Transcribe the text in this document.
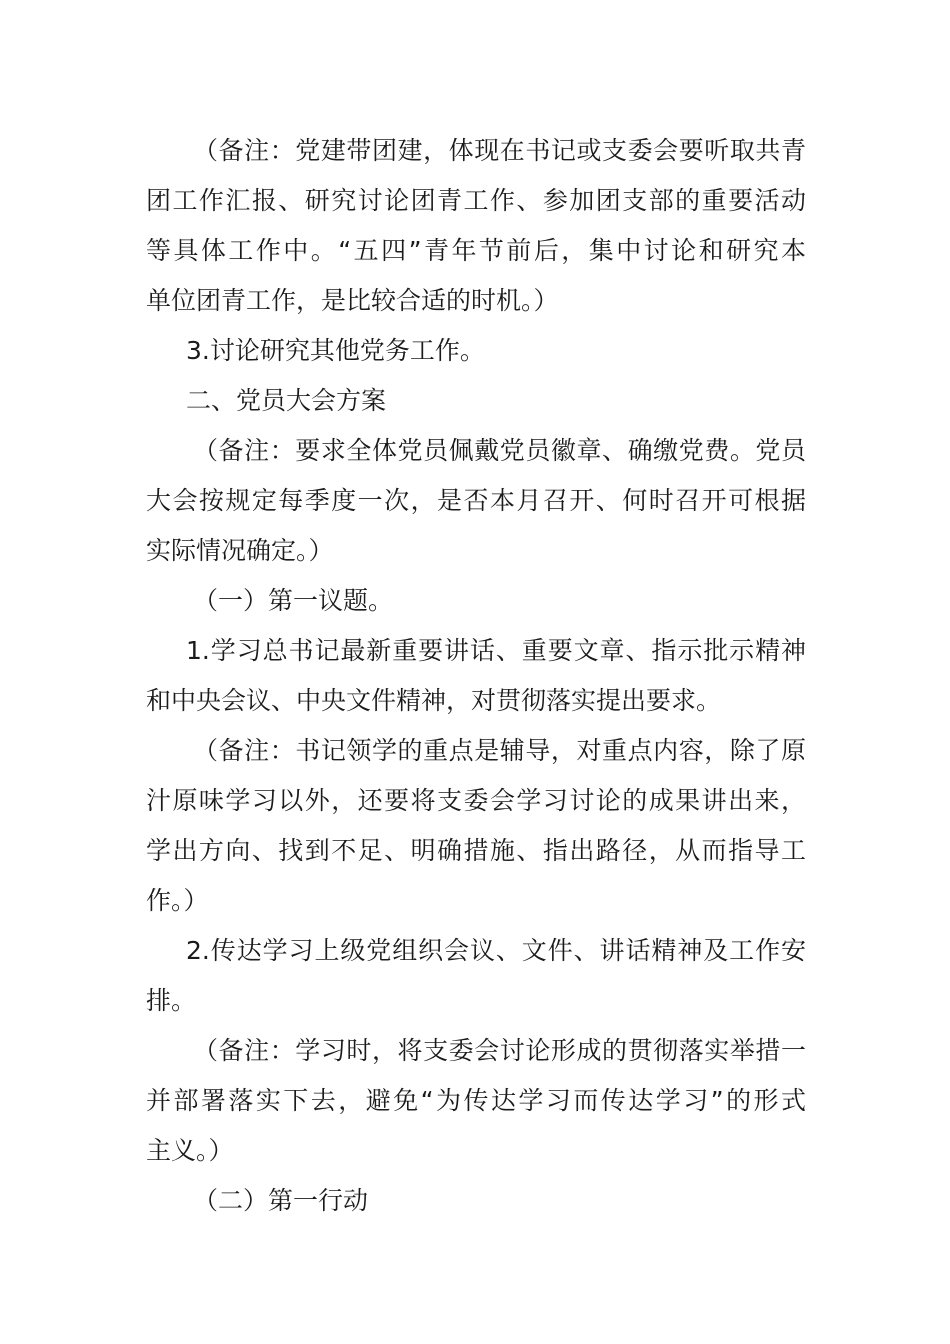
（备注：党建带团建，体现在书记或支委会要听取共青
团工作汇报、研究讨论团青工作、参加团支部的重要活动
等具体工作中。“五四”青年节前后，集中讨论和研究本
单位团青工作，是比较合适的时机。）
3.讨论研究其他党务工作。
二、党员大会方案
（备注：要求全体党员佩戴党员徽章、确缴党费。党员
大会按规定每季度一次，是否本月召开、何时召开可根据
实际情况确定。）
（一）第一议题。
1.学习总书记最新重要讲话、重要文章、指示批示精神
和中央会议、中央文件精神，对贯彻落实提出要求。
（备注：书记领学的重点是辅导，对重点内容，除了原
汁原味学习以外，还要将支委会学习讨论的成果讲出来，
学出方向、找到不足、明确措施、指出路径，从而指导工
作。）
2.传达学习上级党组织会议、文件、讲话精神及工作安
排。
（备注：学习时，将支委会讨论形成的贯彻落实举措一
并部署落实下去，避免“为传达学习而传达学习”的形式
主义。）
（二）第一行动
